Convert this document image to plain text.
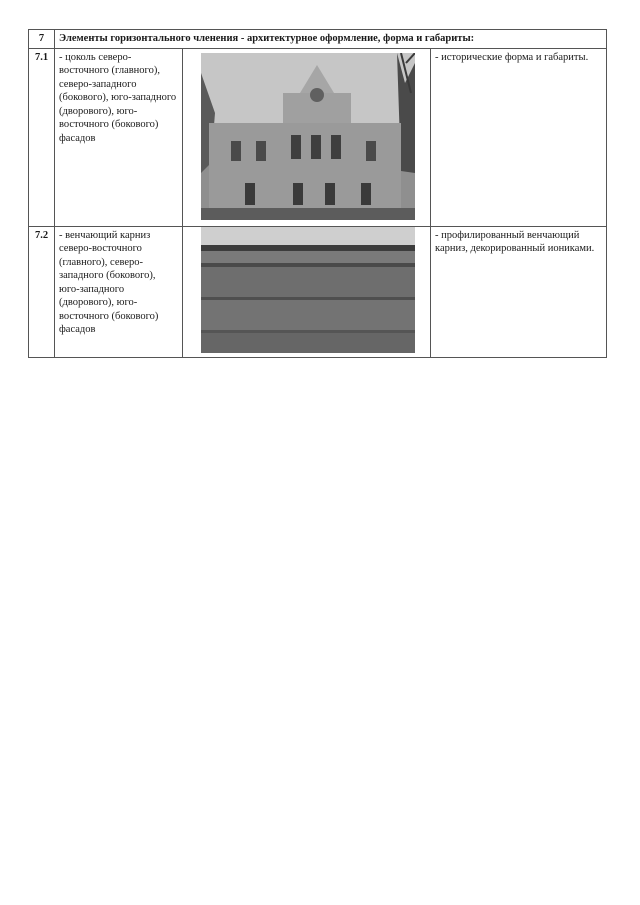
7	Элементы горизонтального членения - архитектурное оформление, форма и габариты:		
7.1	- цоколь северо-восточного (главного), северо-западного (бокового), юго-западного (дворового), юго-восточного (бокового) фасадов		- исторические форма и габариты.
7.2	- венчающий карниз северо-восточного (главного), северо-западного (бокового), юго-западного (дворового), юго-восточного (бокового) фасадов		- профилированный венчающий карниз, декорированный иониками.
